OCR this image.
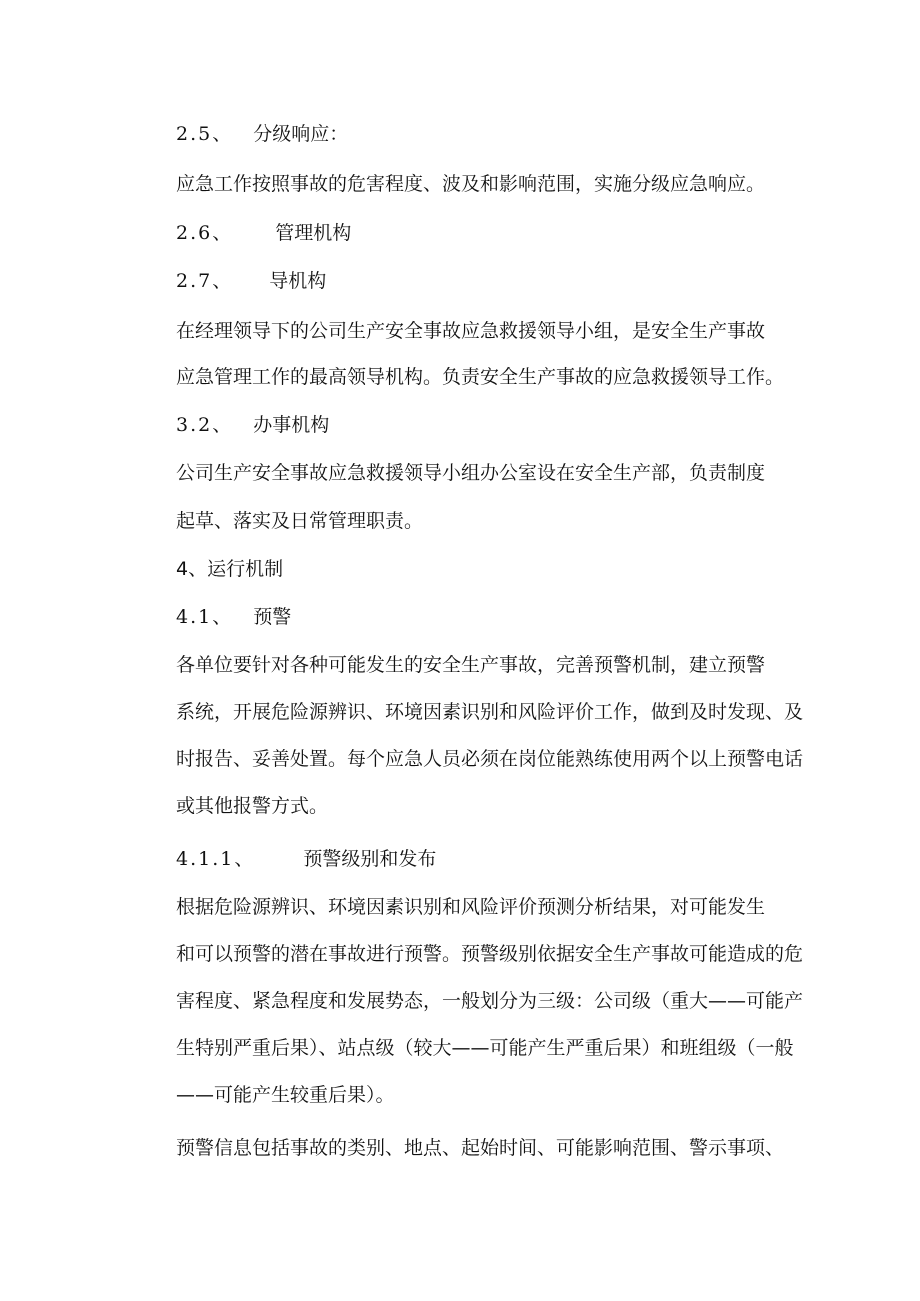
2.5、 分级响应：
应急工作按照事故的危害程度、波及和影响范围，实施分级应急响应。
2.6、 管理机构
2.7、 导机构
在经理领导下的公司生产安全事故应急救援领导小组，是安全生产事故
应急管理工作的最高领导机构。负责安全生产事故的应急救援领导工作。
3.2、 办事机构
公司生产安全事故应急救援领导小组办公室设在安全生产部，负责制度
起草、落实及日常管理职责。
4、运行机制
4.1、 预警
各单位要针对各种可能发生的安全生产事故，完善预警机制，建立预警
系统，开展危险源辨识、环境因素识别和风险评价工作，做到及时发现、及
时报告、妥善处置。每个应急人员必须在岗位能熟练使用两个以上预警电话
或其他报警方式。
4.1.1、	预警级别和发布
根据危险源辨识、环境因素识别和风险评价预测分析结果，对可能发生
和可以预警的潜在事故进行预警。预警级别依据安全生产事故可能造成的危
害程度、紧急程度和发展势态，一般划分为三级：公司级（重大——可能产
生特别严重后果）、站点级（较大——可能产生严重后果）和班组级（一般
——可能产生较重后果）。
预警信息包括事故的类别、地点、起始时间、可能影响范围、警示事项、
